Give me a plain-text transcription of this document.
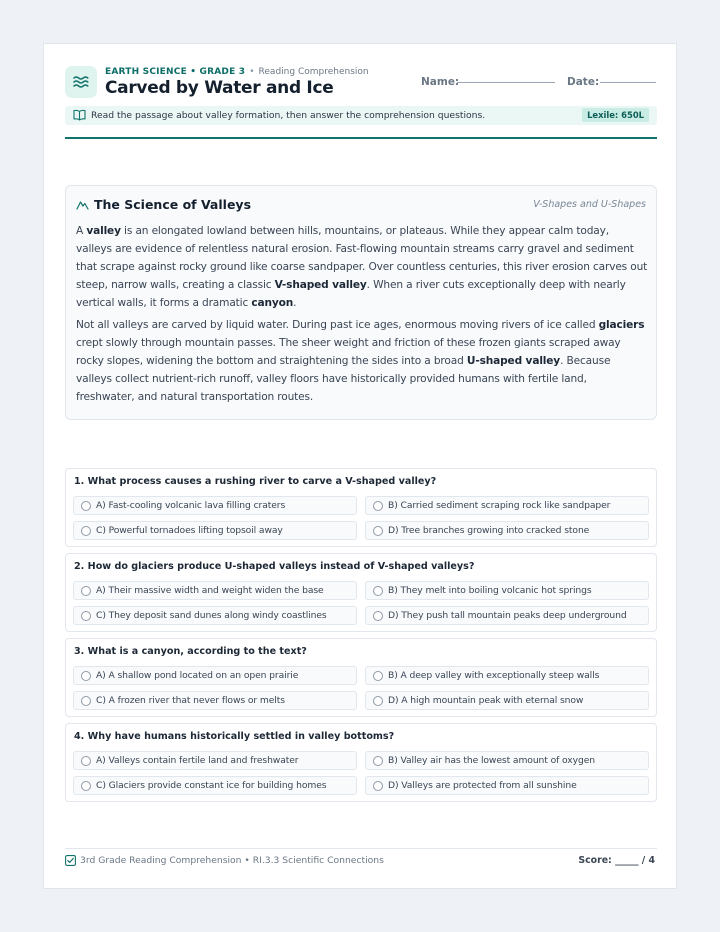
EARTH SCIENCE • GRADE 3 • Reading Comprehension
Carved by Water and Ice	Name:	Date:
Read the passage about valley formation, then answer the comprehension questions.	Lexile: 650L
The Science of Valleys	V-Shapes and U-Shapes

A valley is an elongated lowland between hills, mountains, or plateaus. While they appear calm today, valleys are evidence of relentless natural erosion. Fast-flowing mountain streams carry gravel and sediment that scrape against rocky ground like coarse sandpaper. Over countless centuries, this river erosion carves out steep, narrow walls, creating a classic V-shaped valley. When a river cuts exceptionally deep with nearly vertical walls, it forms a dramatic canyon.

Not all valleys are carved by liquid water. During past ice ages, enormous moving rivers of ice called glaciers crept slowly through mountain passes. The sheer weight and friction of these frozen giants scraped away rocky slopes, widening the bottom and straightening the sides into a broad U-shaped valley. Because valleys collect nutrient-rich runoff, valley floors have historically provided humans with fertile land, freshwater, and natural transportation routes.

1. What process causes a rushing river to carve a V-shaped valley?
A) Fast-cooling volcanic lava filling craters	B) Carried sediment scraping rock like sandpaper
C) Powerful tornadoes lifting topsoil away	D) Tree branches growing into cracked stone
2. How do glaciers produce U-shaped valleys instead of V-shaped valleys?
A) Their massive width and weight widen the base	B) They melt into boiling volcanic hot springs
C) They deposit sand dunes along windy coastlines	D) They push tall mountain peaks deep underground
3. What is a canyon, according to the text?
A) A shallow pond located on an open prairie	B) A deep valley with exceptionally steep walls
C) A frozen river that never flows or melts	D) A high mountain peak with eternal snow
4. Why have humans historically settled in valley bottoms?
A) Valleys contain fertile land and freshwater	B) Valley air has the lowest amount of oxygen
C) Glaciers provide constant ice for building homes	D) Valleys are protected from all sunshine
3rd Grade Reading Comprehension • RI.3.3 Scientific Connections	Score: _____ / 4
